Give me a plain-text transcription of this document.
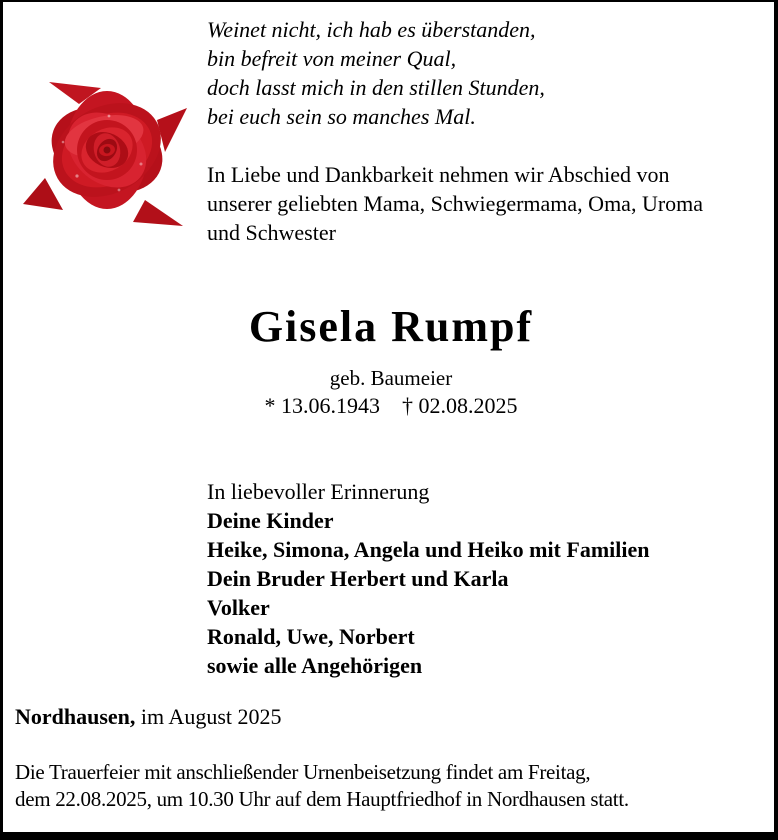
Weinet nicht, ich hab es überstanden,
bin befreit von meiner Qual,
doch lasst mich in den stillen Stunden,
bei euch sein so manches Mal.
In Liebe und Dankbarkeit nehmen wir Abschied von
unserer geliebten Mama, Schwiegermama, Oma, Uroma
und Schwester
Gisela Rumpf
geb. Baumeier
* 13.06.1943    † 02.08.2025
In liebevoller Erinnerung
Deine Kinder
Heike, Simona, Angela und Heiko mit Familien
Dein Bruder Herbert und Karla
Volker
Ronald, Uwe, Norbert
sowie alle Angehörigen
Nordhausen, im August 2025
Die Trauerfeier mit anschließender Urnenbeisetzung findet am Freitag,
dem 22.08.2025, um 10.30 Uhr auf dem Hauptfriedhof in Nordhausen statt.
